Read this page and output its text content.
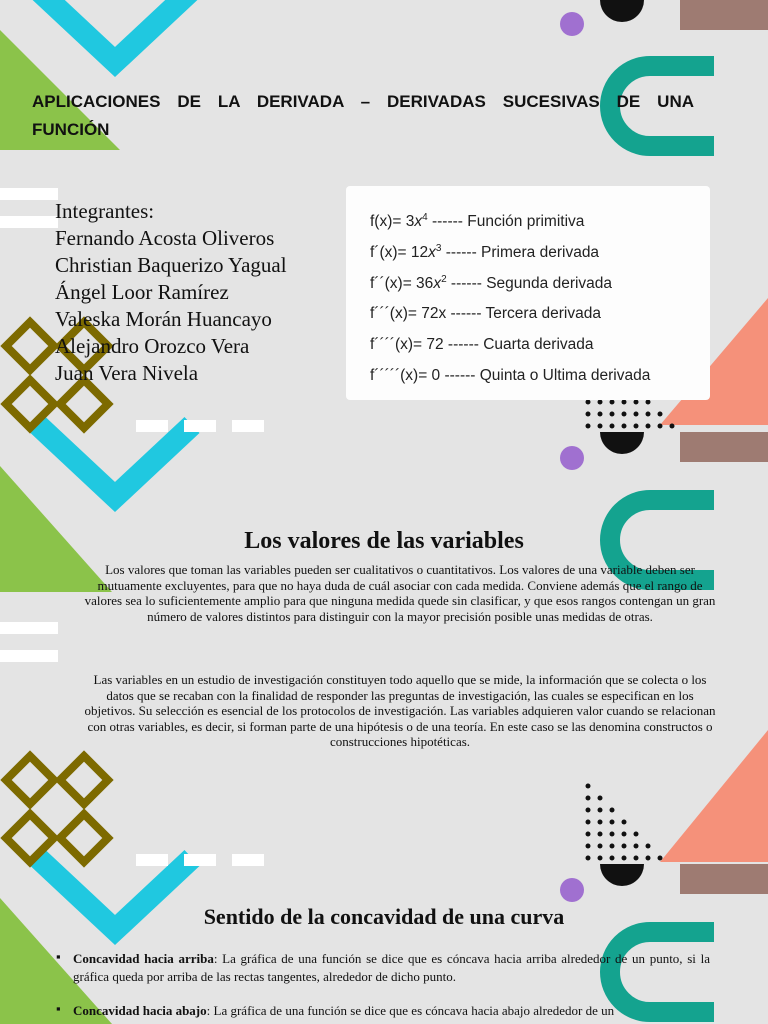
APLICACIONES DE LA DERIVADA – DERIVADAS SUCESIVAS DE UNA
FUNCIÓN
Integrantes:
Fernando Acosta Oliveros
Christian Baquerizo Yagual
Ángel Loor Ramírez
Valeska Morán Huancayo
Alejandro Orozco Vera
Juan Vera Nivela
$f(x)= 3x^4$ ------ Función primitiva
f´(x)= $12x^3$ ------ Primera derivada
f´´(x)= $36x^2$ ------ Segunda derivada
f´´´(x)= 72x ------ Tercera derivada
f´´´´(x)= 72 ------ Cuarta derivada
f´´´´´(x)= 0 ------ Quinta o Ultima derivada
Los valores de las variables
Los valores que toman las variables pueden ser cualitativos o cuantitativos. Los valores de una variable deben ser mutuamente excluyentes, para que no haya duda de cuál asociar con cada medida. Conviene además que el rango de valores sea lo suficientemente amplio para que ninguna medida quede sin clasificar, y que esos rangos contengan un gran número de valores distintos para distinguir con la mayor precisión posible unas medidas de otras.
Las variables en un estudio de investigación constituyen todo aquello que se mide, la información que se colecta o los datos que se recaban con la finalidad de responder las preguntas de investigación, las cuales se especifican en los objetivos. Su selección es esencial de los protocolos de investigación. Las variables adquieren valor cuando se relacionan con otras variables, es decir, si forman parte de una hipótesis o de una teoría. En este caso se las denomina constructos o construcciones hipotéticas.
Sentido de la concavidad de una curva
▪ Concavidad hacia arriba: La gráfica de una función se dice que es cóncava hacia arriba alrededor de un punto, si la gráfica queda por arriba de las rectas tangentes, alrededor de dicho punto.
▪ Concavidad hacia abajo: La gráfica de una función se dice que es cóncava hacia abajo alrededor de un
